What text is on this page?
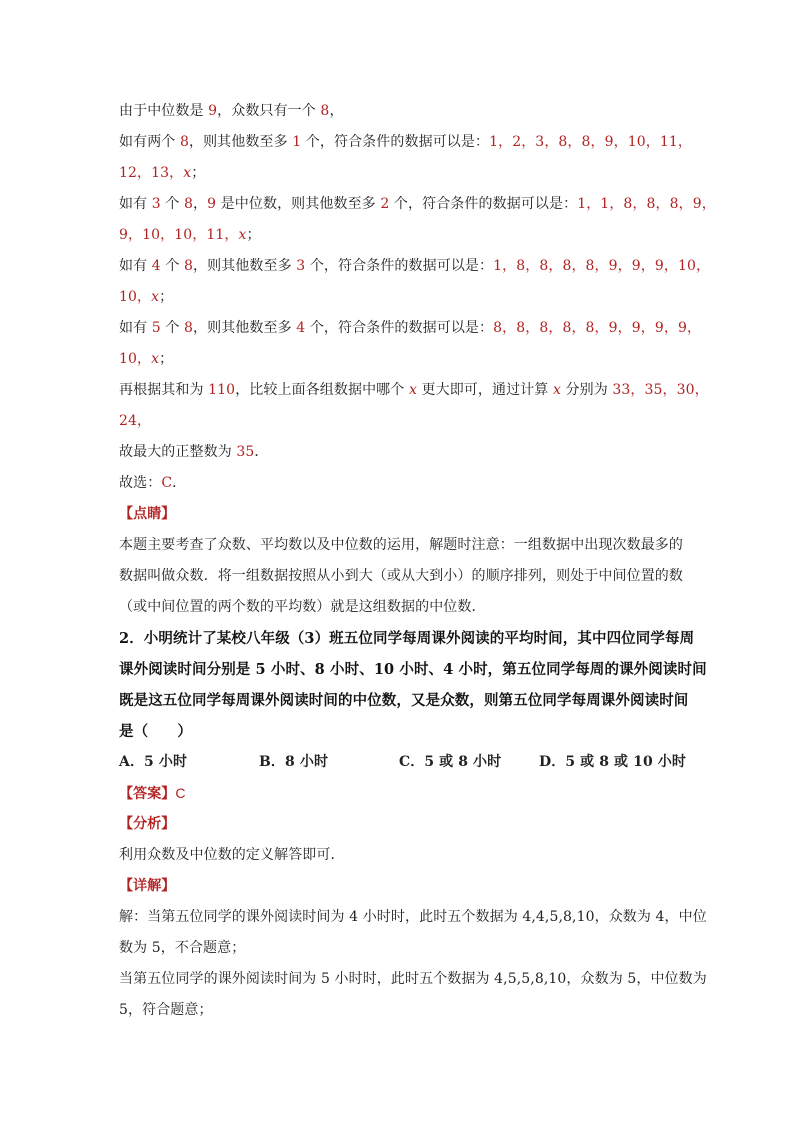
由于中位数是 9，众数只有一个 8，
如有两个 8，则其他数至多 1 个，符合条件的数据可以是：1，2，3，8，8，9，10，11，
12，13，x；
如有 3 个 8，9 是中位数，则其他数至多 2 个，符合条件的数据可以是：1，1，8，8，8，9，
9，10，10，11，x；
如有 4 个 8，则其他数至多 3 个，符合条件的数据可以是：1，8，8，8，8，9，9，9，10，
10，x；
如有 5 个 8，则其他数至多 4 个，符合条件的数据可以是：8，8，8，8，8，9，9，9，9，
10，x；
再根据其和为 110，比较上面各组数据中哪个 x 更大即可，通过计算 x 分别为 33，35，30，
24，
故最大的正整数为 35．
故选：C．
【点睛】
本题主要考查了众数、平均数以及中位数的运用，解题时注意：一组数据中出现次数最多的
数据叫做众数．将一组数据按照从小到大（或从大到小）的顺序排列，则处于中间位置的数
（或中间位置的两个数的平均数）就是这组数据的中位数．
2．小明统计了某校八年级（3）班五位同学每周课外阅读的平均时间，其中四位同学每周
课外阅读时间分别是 5 小时、8 小时、10 小时、4 小时，第五位同学每周的课外阅读时间
既是这五位同学每周课外阅读时间的中位数，又是众数，则第五位同学每周课外阅读时间
是（　　）
A．5 小时	B．8 小时	C．5 或 8 小时	D．5 或 8 或 10 小时
【答案】C
【分析】
利用众数及中位数的定义解答即可．
【详解】
解：当第五位同学的课外阅读时间为 4 小时时，此时五个数据为 4,4,5,8,10，众数为 4，中位
数为 5，不合题意；
当第五位同学的课外阅读时间为 5 小时时，此时五个数据为 4,5,5,8,10，众数为 5，中位数为
5，符合题意；
